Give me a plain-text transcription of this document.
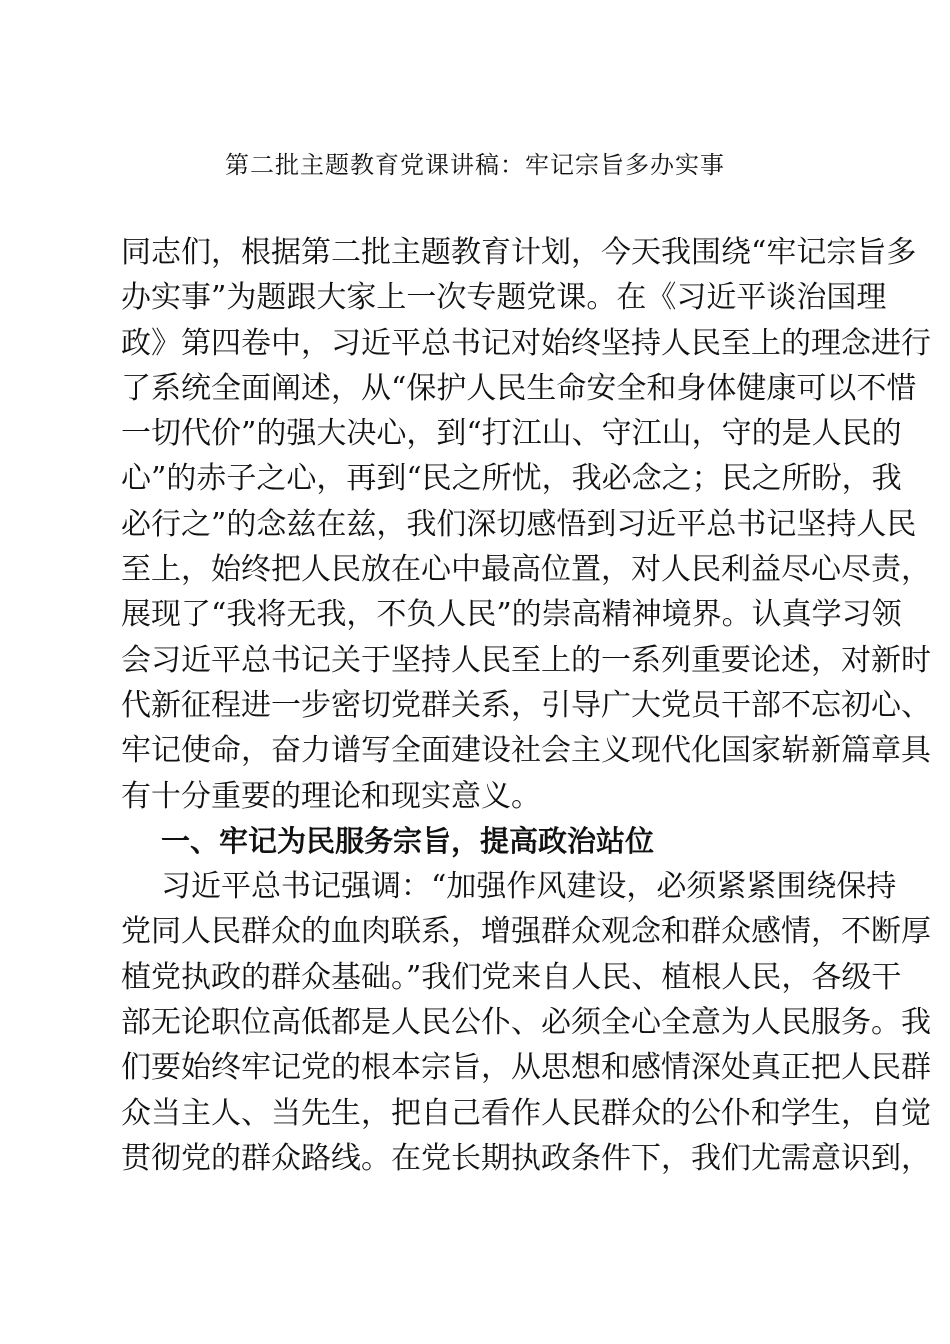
第二批主题教育党课讲稿：牢记宗旨多办实事
同志们，根据第二批主题教育计划，今天我围绕“牢记宗旨多
办实事”为题跟大家上一次专题党课。在《习近平谈治国理
政》第四卷中，习近平总书记对始终坚持人民至上的理念进行
了系统全面阐述，从“保护人民生命安全和身体健康可以不惜
一切代价”的强大决心，到“打江山、守江山，守的是人民的
心”的赤子之心，再到“民之所忧，我必念之；民之所盼，我
必行之”的念兹在兹，我们深切感悟到习近平总书记坚持人民
至上，始终把人民放在心中最高位置，对人民利益尽心尽责，
展现了“我将无我，不负人民”的崇高精神境界。认真学习领
会习近平总书记关于坚持人民至上的一系列重要论述，对新时
代新征程进一步密切党群关系，引导广大党员干部不忘初心、
牢记使命，奋力谱写全面建设社会主义现代化国家崭新篇章具
有十分重要的理论和现实意义。
一、牢记为民服务宗旨，提高政治站位
习近平总书记强调：“加强作风建设，必须紧紧围绕保持
党同人民群众的血肉联系，增强群众观念和群众感情，不断厚
植党执政的群众基础。”我们党来自人民、植根人民，各级干
部无论职位高低都是人民公仆、必须全心全意为人民服务。我
们要始终牢记党的根本宗旨，从思想和感情深处真正把人民群
众当主人、当先生，把自己看作人民群众的公仆和学生，自觉
贯彻党的群众路线。在党长期执政条件下，我们尤需意识到，
